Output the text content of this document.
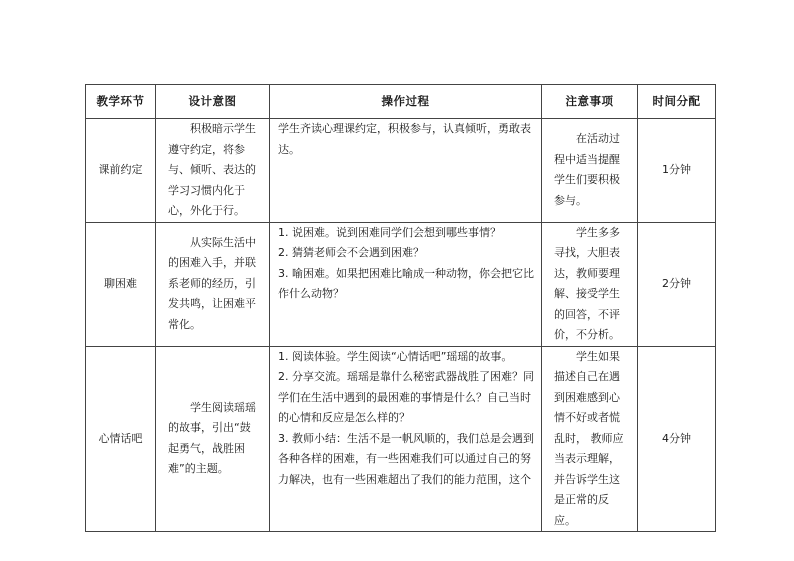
教学环节	设计意图	操作过程	注意事项	时间分配
课前约定	积极暗示学生遵守约定，将参与、倾听、表达的学习习惯内化于心，外化于行。	学生齐读心理课约定，积极参与，认真倾听，勇敢表达。	在活动过程中适当提醒学生们要积极参与。	1分钟
聊困难	从实际生活中的困难入手，并联系老师的经历，引发共鸣，让困难平常化。	1. 说困难。说到困难同学们会想到哪些事情？
2. 猜猜老师会不会遇到困难？
3. 喻困难。如果把困难比喻成一种动物，你会把它比作什么动物？	学生多多寻找，大胆表达，教师要理解、接受学生的回答，不评价，不分析。	2分钟
心情话吧	学生阅读瑶瑶的故事，引出“鼓起勇气，战胜困难”的主题。	1. 阅读体验。学生阅读“心情话吧”瑶瑶的故事。
2. 分享交流。瑶瑶是靠什么秘密武器战胜了困难？同学们在生活中遇到的最困难的事情是什么？自己当时的心情和反应是怎么样的？
3. 教师小结：生活不是一帆风顺的，我们总是会遇到各种各样的困难，有一些困难我们可以通过自己的努力解决，也有一些困难超出了我们的能力范围，这个	学生如果描述自己在遇到困难感到心情不好或者慌乱时， 教师应当表示理解，并告诉学生这是正常的反应。	4分钟
